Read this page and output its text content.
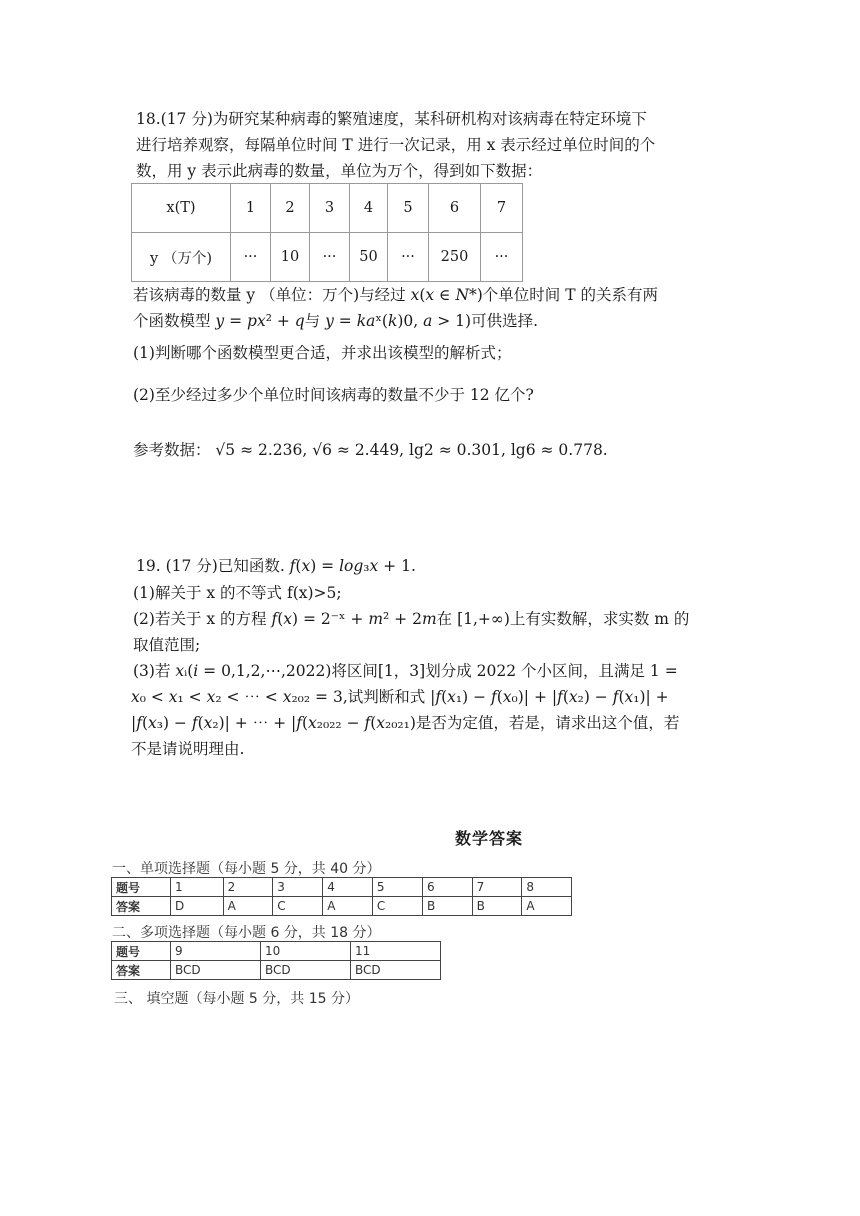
18.(17 分)为研究某种病毒的繁殖速度，某科研机构对该病毒在特定环境下
进行培养观察，每隔单位时间 T 进行一次记录，用 x 表示经过单位时间的个
数，用 y 表示此病毒的数量，单位为万个，得到如下数据：
x(T)	1	2	3	4	5	6	7
y （万个)	···	10	···	50	···	250	···
若该病毒的数量 y （单位：万个)与经过 𝑥(𝑥 ∈ 𝑁*)个单位时间 T 的关系有两
个函数模型 𝑦 = 𝑝𝑥² + 𝑞与 𝑦 = 𝑘𝑎ˣ(𝑘)0, 𝑎 > 1)可供选择.
(1)判断哪个函数模型更合适，并求出该模型的解析式；
(2)至少经过多少个单位时间该病毒的数量不少于 12 亿个?
参考数据： √5 ≈ 2.236, √6 ≈ 2.449, lg2 ≈ 0.301, lg6 ≈ 0.778.
19. (17 分)已知函数. 𝑓(𝑥) = 𝑙𝑜𝑔₃𝑥 + 1.
(1)解关于 x 的不等式 f(x)>5;
(2)若关于 x 的方程 𝑓(𝑥) = 2⁻ˣ + 𝑚² + 2𝑚在 [1,+∞)上有实数解，求实数 m 的
取值范围;
(3)若 𝑥ᵢ(𝑖 = 0,1,2,⋯,2022)将区间[1，3]划分成 2022 个小区间，且满足 1 =
𝑥₀ < 𝑥₁ < 𝑥₂ < ⋯ < 𝑥₂₀₂ = 3,试判断和式 |𝑓(𝑥₁) − 𝑓(𝑥₀)| + |𝑓(𝑥₂) − 𝑓(𝑥₁)| +
|𝑓(𝑥₃) − 𝑓(𝑥₂)| + ⋯ + |𝑓(𝑥₂₀₂₂ − 𝑓(𝑥₂₀₂₁)是否为定值，若是，请求出这个值，若
不是请说明理由.
数学答案
一、单项选择题（每小题 5 分，共 40 分）
题号	1	2	3	4	5	6	7	8
答案	D	A	C	A	C	B	B	A
二、多项选择题（每小题 6 分，共 18 分）
题号	9	10	11
答案	BCD	BCD	BCD
三、 填空题（每小题 5 分，共 15 分）
